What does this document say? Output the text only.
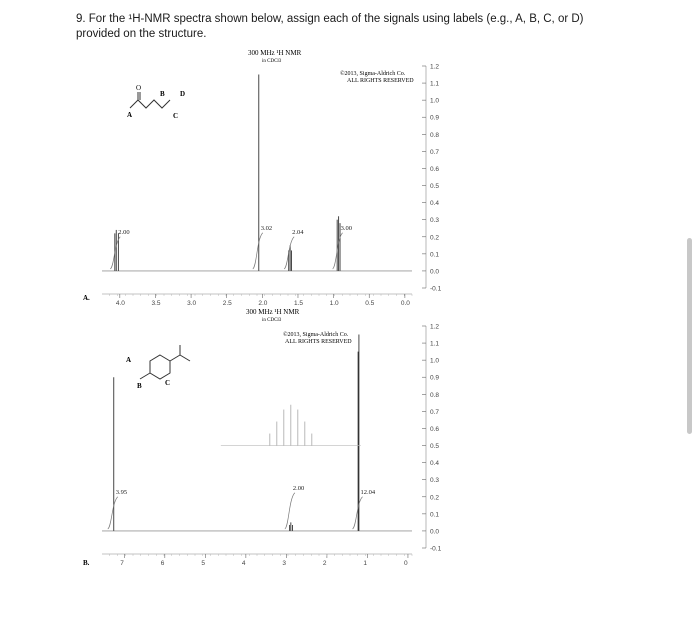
9. For the ¹H-NMR spectra shown below, assign each of the signals using labels (e.g., A, B, C, or D)
provided on the structure.
300 MHz ¹H NMR
in CDCl3
©2013, Sigma-Aldrich Co.
ALL RIGHTS RESERVED
O
A
B
C
D
4.0	3.5	3.0	2.5	2.0	1.5	1.0	0.5	0.0
1.2
1.1
1.0
0.9
0.8
0.7
0.6
0.5
0.4
0.3
0.2
0.1
0.0
-0.1
2.00
3.02
2.04
3.00
A.
300 MHz ¹H NMR
in CDCl3
©2013, Sigma-Aldrich Co.
ALL RIGHTS RESERVED
A
B	C
7	6	5	4	3	2	1	0
1.2
1.1
1.0
0.9
0.8
0.7
0.6
0.5
0.4
0.3
0.2
0.1
0.0
-0.1
3.95
2.00
12.04
B.
